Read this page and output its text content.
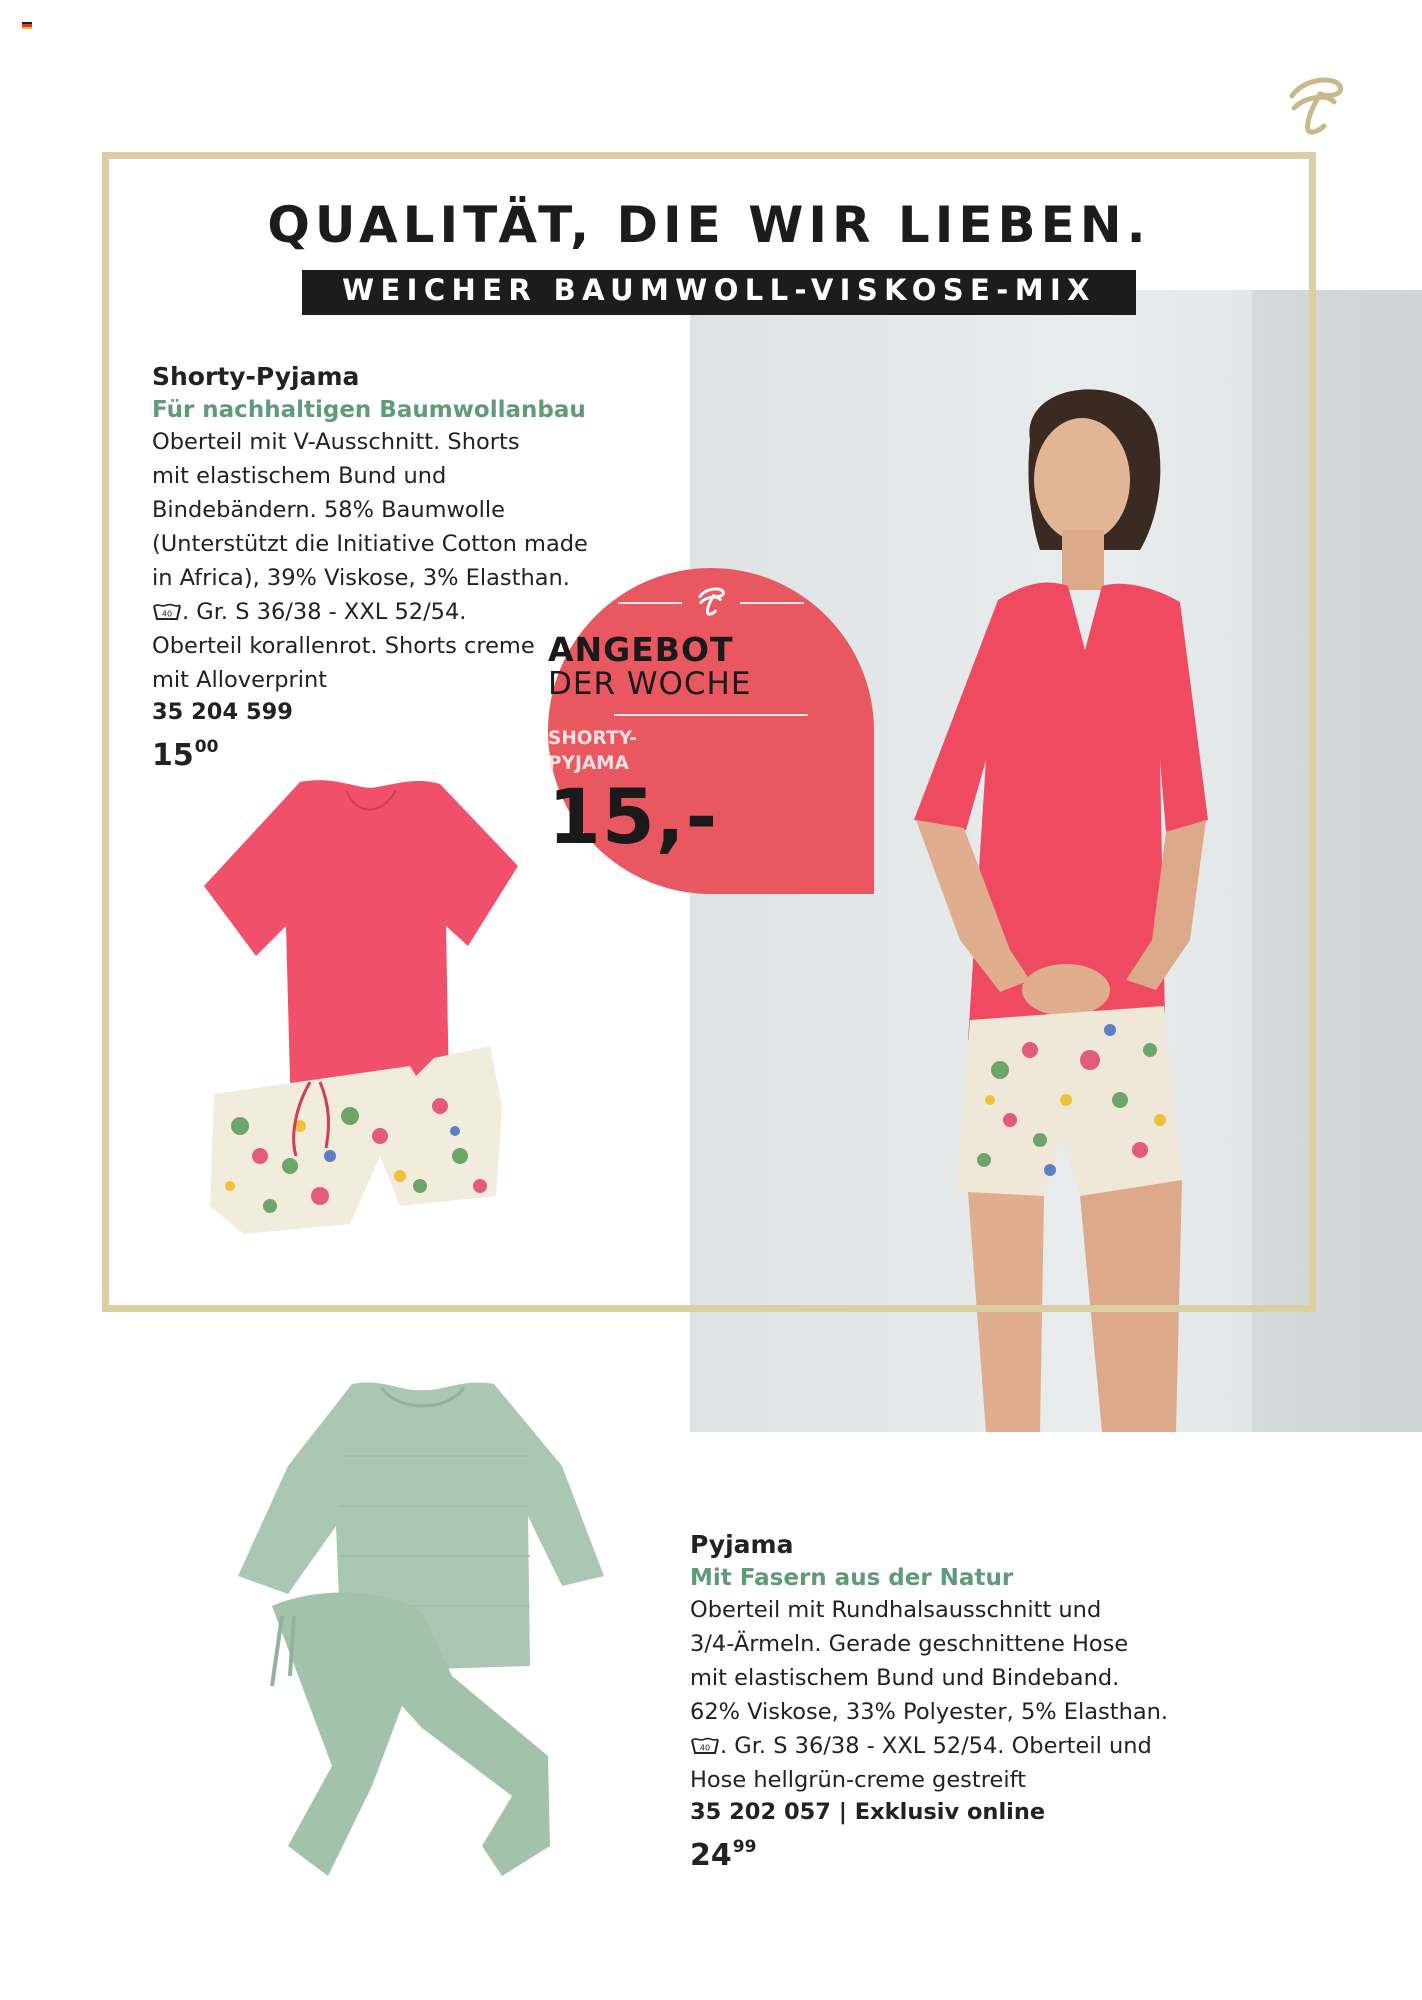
QUALITÄT, DIE WIR LIEBEN.
WEICHER BAUMWOLL-VISKOSE-MIX
Shorty-Pyjama
Für nachhaltigen Baumwollanbau
Oberteil mit V-Ausschnitt. Shorts
mit elastischem Bund und
Bindebändern. 58% Baumwolle
(Unterstützt die Initiative Cotton made
in Africa), 39% Viskose, 3% Elasthan.
40 . Gr. S 36/38 - XXL 52/54.
Oberteil korallenrot. Shorts creme
mit Alloverprint
35 204 599
$15^{00}$
ANGEBOT
DER WOCHE
SHORTY-
PYJAMA
15,-
Pyjama
Mit Fasern aus der Natur
Oberteil mit Rundhalsausschnitt und
3/4-Ärmeln. Gerade geschnittene Hose
mit elastischem Bund und Bindeband.
62% Viskose, 33% Polyester, 5% Elasthan.
40 . Gr. S 36/38 - XXL 52/54. Oberteil und
Hose hellgrün-creme gestreift
35 202 057 | Exklusiv online
$24^{99}$
